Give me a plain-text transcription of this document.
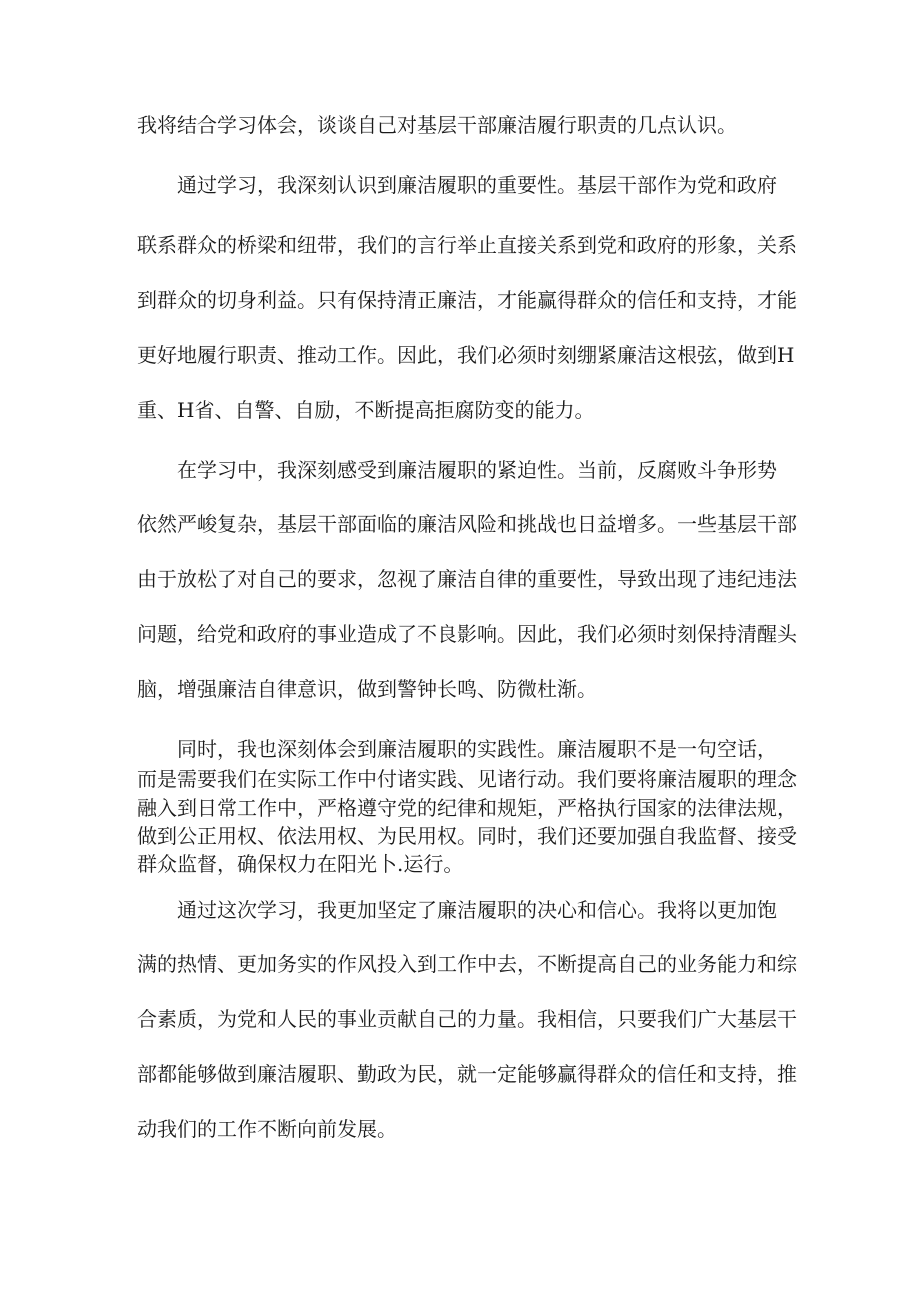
我将结合学习体会，谈谈自己对基层干部廉洁履行职责的几点认识。
通过学习，我深刻认识到廉洁履职的重要性。基层干部作为党和政府
联系群众的桥梁和纽带，我们的言行举止直接关系到党和政府的形象，关系
到群众的切身利益。只有保持清正廉洁，才能赢得群众的信任和支持，才能
更好地履行职责、推动工作。因此，我们必须时刻绷紧廉洁这根弦，做到H
重、H省、自警、自励，不断提高拒腐防变的能力。
在学习中，我深刻感受到廉洁履职的紧迫性。当前，反腐败斗争形势
依然严峻复杂，基层干部面临的廉洁风险和挑战也日益增多。一些基层干部
由于放松了对自己的要求，忽视了廉洁自律的重要性，导致出现了违纪违法
问题，给党和政府的事业造成了不良影响。因此，我们必须时刻保持清醒头
脑，增强廉洁自律意识，做到警钟长鸣、防微杜渐。
同时，我也深刻体会到廉洁履职的实践性。廉洁履职不是一句空话，
而是需要我们在实际工作中付诸实践、见诸行动。我们要将廉洁履职的理念
融入到日常工作中，严格遵守党的纪律和规矩，严格执行国家的法律法规，
做到公正用权、依法用权、为民用权。同时，我们还要加强自我监督、接受
群众监督，确保权力在阳光卜.运行。
通过这次学习，我更加坚定了廉洁履职的决心和信心。我将以更加饱
满的热情、更加务实的作风投入到工作中去，不断提高自己的业务能力和综
合素质，为党和人民的事业贡献自己的力量。我相信，只要我们广大基层干
部都能够做到廉洁履职、勤政为民，就一定能够赢得群众的信任和支持，推
动我们的工作不断向前发展。
